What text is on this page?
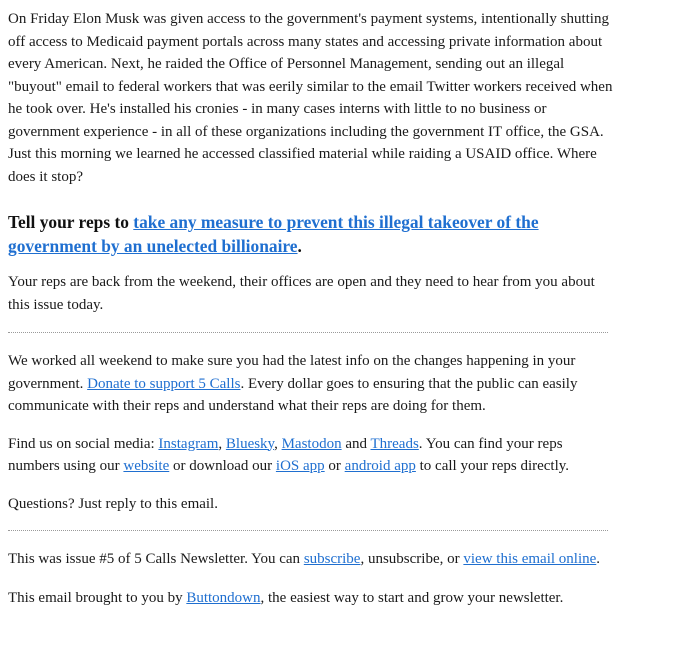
On Friday Elon Musk was given access to the government's payment systems, intentionally shutting off access to Medicaid payment portals across many states and accessing private information about every American. Next, he raided the Office of Personnel Management, sending out an illegal "buyout" email to federal workers that was eerily similar to the email Twitter workers received when he took over. He's installed his cronies - in many cases interns with little to no business or government experience - in all of these organizations including the government IT office, the GSA. Just this morning we learned he accessed classified material while raiding a USAID office. Where does it stop?

Tell your reps to take any measure to prevent this illegal takeover of the government by an unelected billionaire.

Your reps are back from the weekend, their offices are open and they need to hear from you about this issue today.

We worked all weekend to make sure you had the latest info on the changes happening in your government. Donate to support 5 Calls. Every dollar goes to ensuring that the public can easily communicate with their reps and understand what their reps are doing for them.

Find us on social media: Instagram, Bluesky, Mastodon and Threads. You can find your reps numbers using our website or download our iOS app or android app to call your reps directly.

Questions? Just reply to this email.

This was issue #5 of 5 Calls Newsletter. You can subscribe, unsubscribe, or view this email online.

This email brought to you by Buttondown, the easiest way to start and grow your newsletter.
